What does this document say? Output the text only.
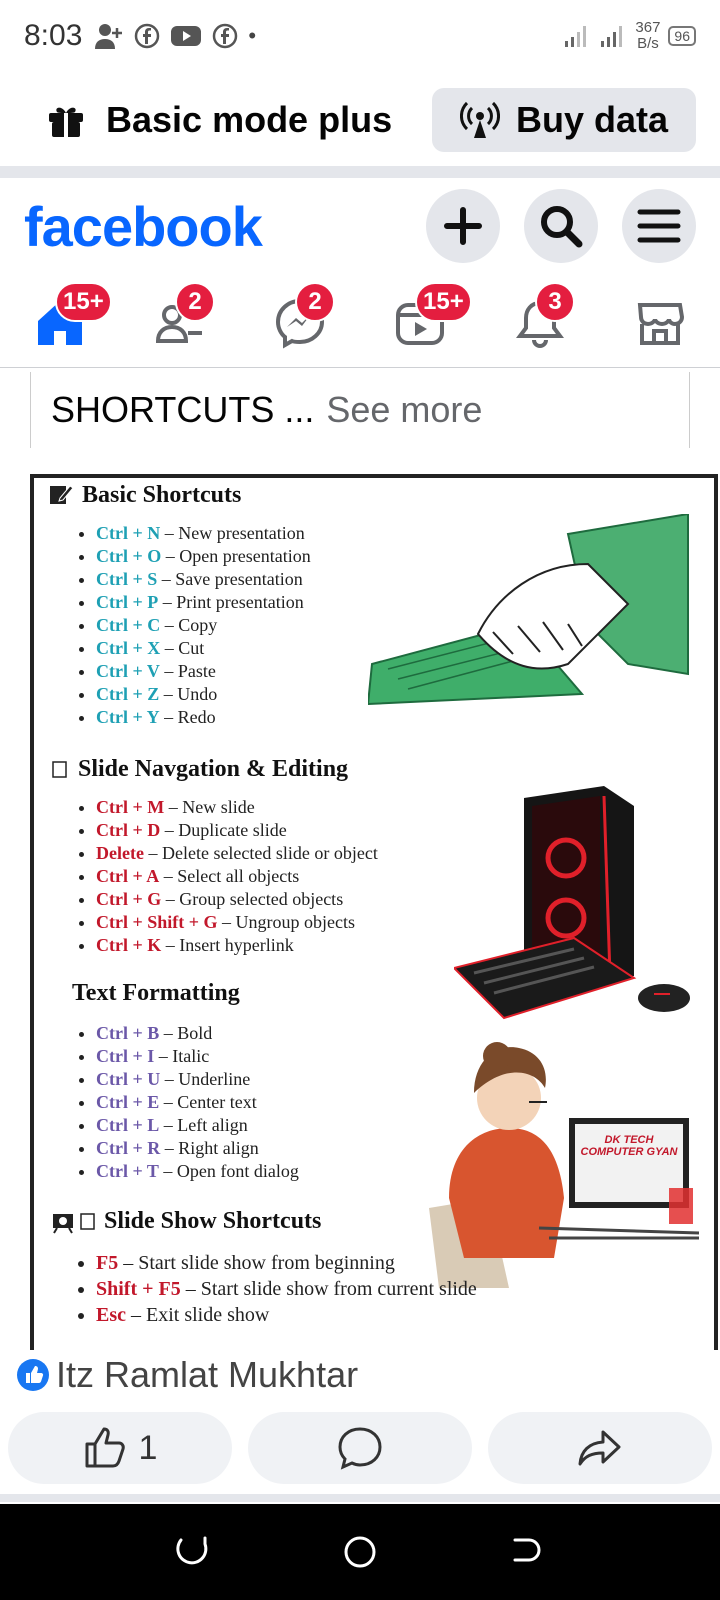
8:03	•	367
B/s 96
Basic mode plus	Buy data
facebook
15+	2	2	15+	3
SHORTCUTS ... See more
Basic Shortcuts
• Ctrl + N – New presentation
• Ctrl + O – Open presentation
• Ctrl + S – Save presentation
• Ctrl + P – Print presentation
• Ctrl + C – Copy
• Ctrl + X – Cut
• Ctrl + V – Paste
• Ctrl + Z – Undo
• Ctrl + Y – Redo
Slide Navgation & Editing
• Ctrl + M – New slide
• Ctrl + D – Duplicate slide
• Delete – Delete selected slide or object
• Ctrl + A – Select all objects
• Ctrl + G – Group selected objects
• Ctrl + Shift + G – Ungroup objects
• Ctrl + K – Insert hyperlink
Text Formatting
• Ctrl + B – Bold
• Ctrl + I – Italic
• Ctrl + U – Underline
• Ctrl + E – Center text
• Ctrl + L – Left align
• Ctrl + R – Right align
• Ctrl + T – Open font dialog
DK TECH
COMPUTER GYAN
Slide Show Shortcuts
• F5 – Start slide show from beginning
• Shift + F5 – Start slide show from current slide
• Esc – Exit slide show
Itz Ramlat Mukhtar
1
